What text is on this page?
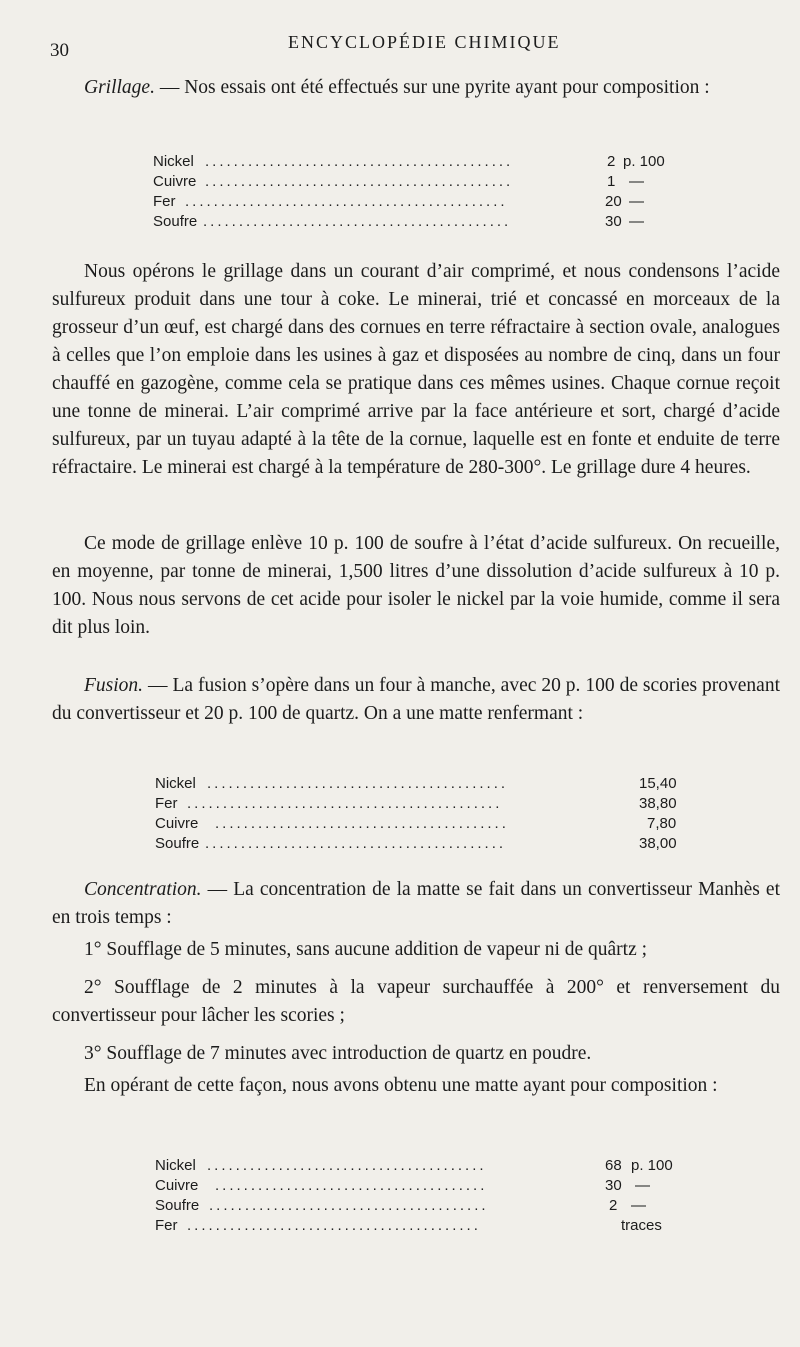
30	ENCYCLOPÉDIE CHIMIQUE

Grillage. — Nos essais ont été effectués sur une pyrite ayant pour composition :

Nickel ...........................................	2 p. 100
Cuivre ...........................................	1 —
Fer .............................................	20 —
Soufre ...........................................	30 —

Nous opérons le grillage dans un courant d’air comprimé, et nous condensons l’acide sulfureux produit dans une tour à coke. Le minerai, trié et concassé en morceaux de la grosseur d’un œuf, est chargé dans des cornues en terre réfractaire à section ovale, analogues à celles que l’on emploie dans les usines à gaz et disposées au nombre de cinq, dans un four chauffé en gazogène, comme cela se pratique dans ces mêmes usines. Chaque cornue reçoit une tonne de minerai. L’air comprimé arrive par la face antérieure et sort, chargé d’acide sulfureux, par un tuyau adapté à la tête de la cornue, laquelle est en fonte et enduite de terre réfractaire. Le minerai est chargé à la température de 280-300°. Le grillage dure 4 heures.

Ce mode de grillage enlève 10 p. 100 de soufre à l’état d’acide sulfureux. On recueille, en moyenne, par tonne de minerai, 1,500 litres d’une dissolution d’acide sulfureux à 10 p. 100. Nous nous servons de cet acide pour isoler le nickel par la voie humide, comme il sera dit plus loin.

Fusion. — La fusion s’opère dans un four à manche, avec 20 p. 100 de scories provenant du convertisseur et 20 p. 100 de quartz. On a une matte renfermant :

Nickel ..........................................	15,40
Fer ............................................	38,80
Cuivre .........................................	7,80
Soufre ..........................................	38,00

Concentration. — La concentration de la matte se fait dans un convertisseur Manhès et en trois temps :

1° Soufflage de 5 minutes, sans aucune addition de vapeur ni de quârtz ;

2° Soufflage de 2 minutes à la vapeur surchauffée à 200° et renversement du convertisseur pour lâcher les scories ;

3° Soufflage de 7 minutes avec introduction de quartz en poudre.

En opérant de cette façon, nous avons obtenu une matte ayant pour composition :

Nickel .......................................	68 p. 100
Cuivre ......................................	30 —
Soufre .......................................	2 —
Fer .........................................	traces
